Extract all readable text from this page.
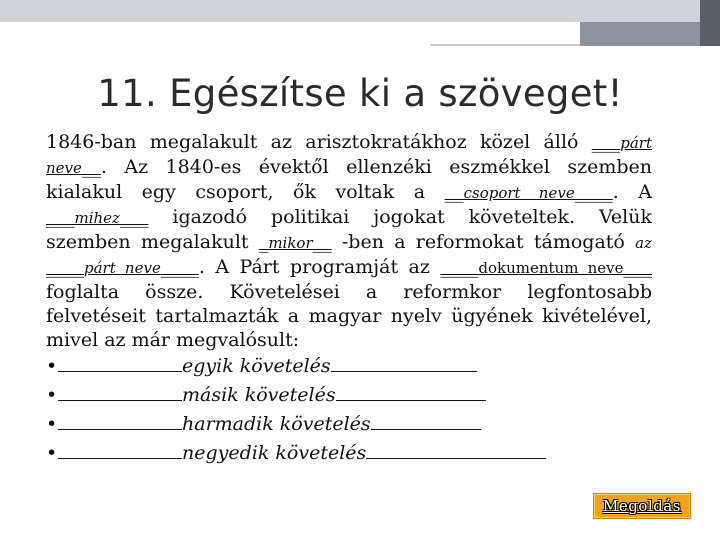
11. Egészítse ki a szöveget!

1846-ban megalakult az arisztokratákhoz közel álló ___párt neve__. Az 1840-es évektől ellenzéki eszmékkel szemben kialakul egy csoport, ők voltak a __csoport neve____. A ___mihez___ igazodó politikai jogokat követeltek. Velük szemben megalakult _mikor__ -ben a reformokat támogató az ____párt neve____. A Párt programját az ____dokumentum neve___ foglalta össze. Követelései a reformkor legfontosabb felvetéseit tartalmazták a magyar nyelv ügyének kivételével, mivel az már megvalósult:

•	egyik követelés
•	másik követelés
•	harmadik követelés
•	negyedik követelés
Megoldás
